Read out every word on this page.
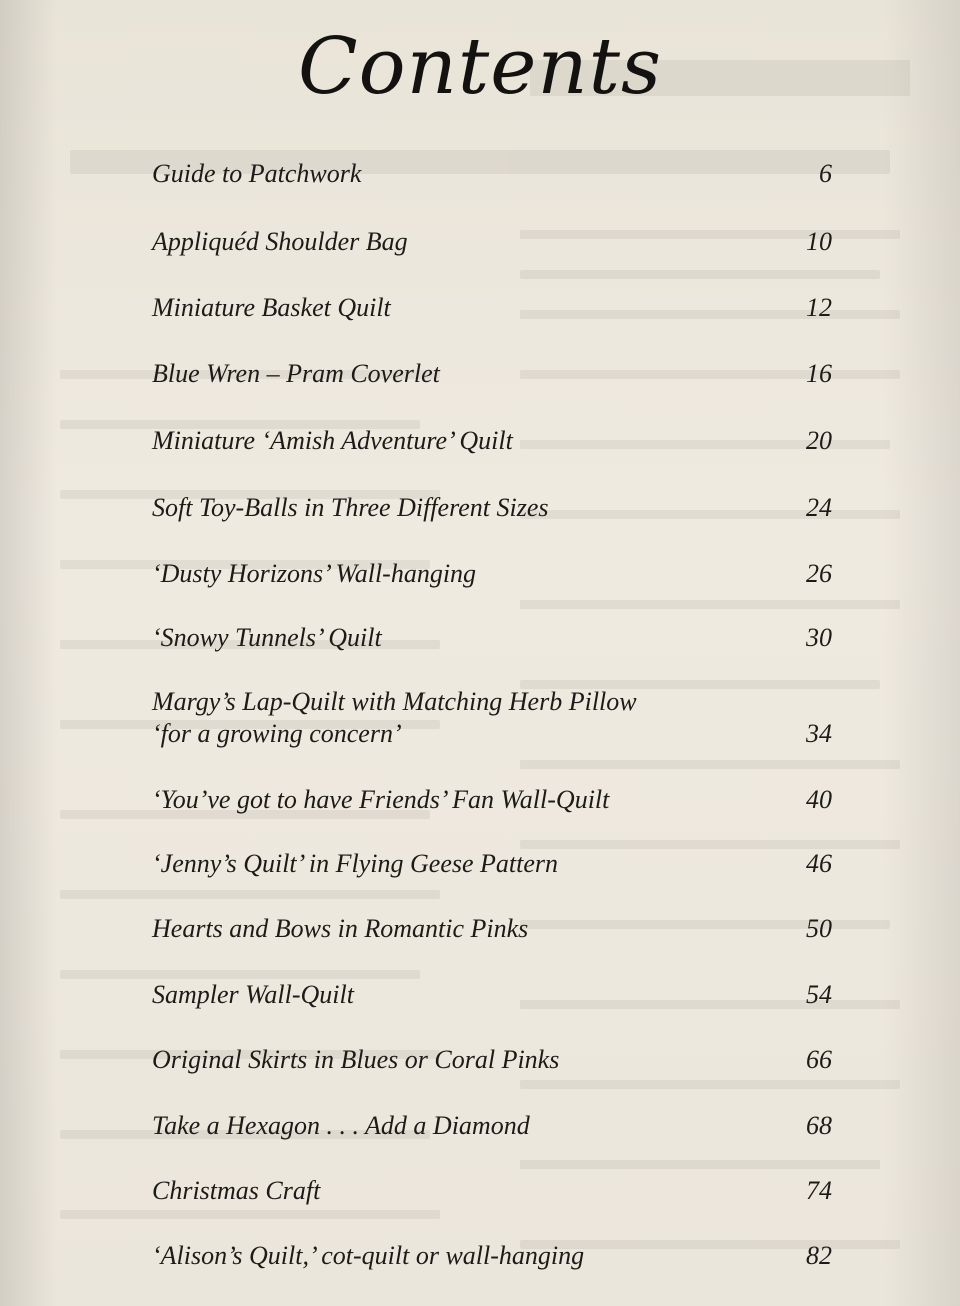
Contents
Guide to Patchwork	6
Appliquéd Shoulder Bag	10
Miniature Basket Quilt	12
Blue Wren – Pram Coverlet	16
Miniature ‘Amish Adventure’ Quilt	20
Soft Toy-Balls in Three Different Sizes	24
‘Dusty Horizons’ Wall-hanging	26
‘Snowy Tunnels’ Quilt	30
Margy’s Lap-Quilt with Matching Herb Pillow
‘for a growing concern’	34
‘You’ve got to have Friends’ Fan Wall-Quilt	40
‘Jenny’s Quilt’ in Flying Geese Pattern	46
Hearts and Bows in Romantic Pinks	50
Sampler Wall-Quilt	54
Original Skirts in Blues or Coral Pinks	66
Take a Hexagon . . . Add a Diamond	68
Christmas Craft	74
‘Alison’s Quilt,’ cot-quilt or wall-hanging	82
